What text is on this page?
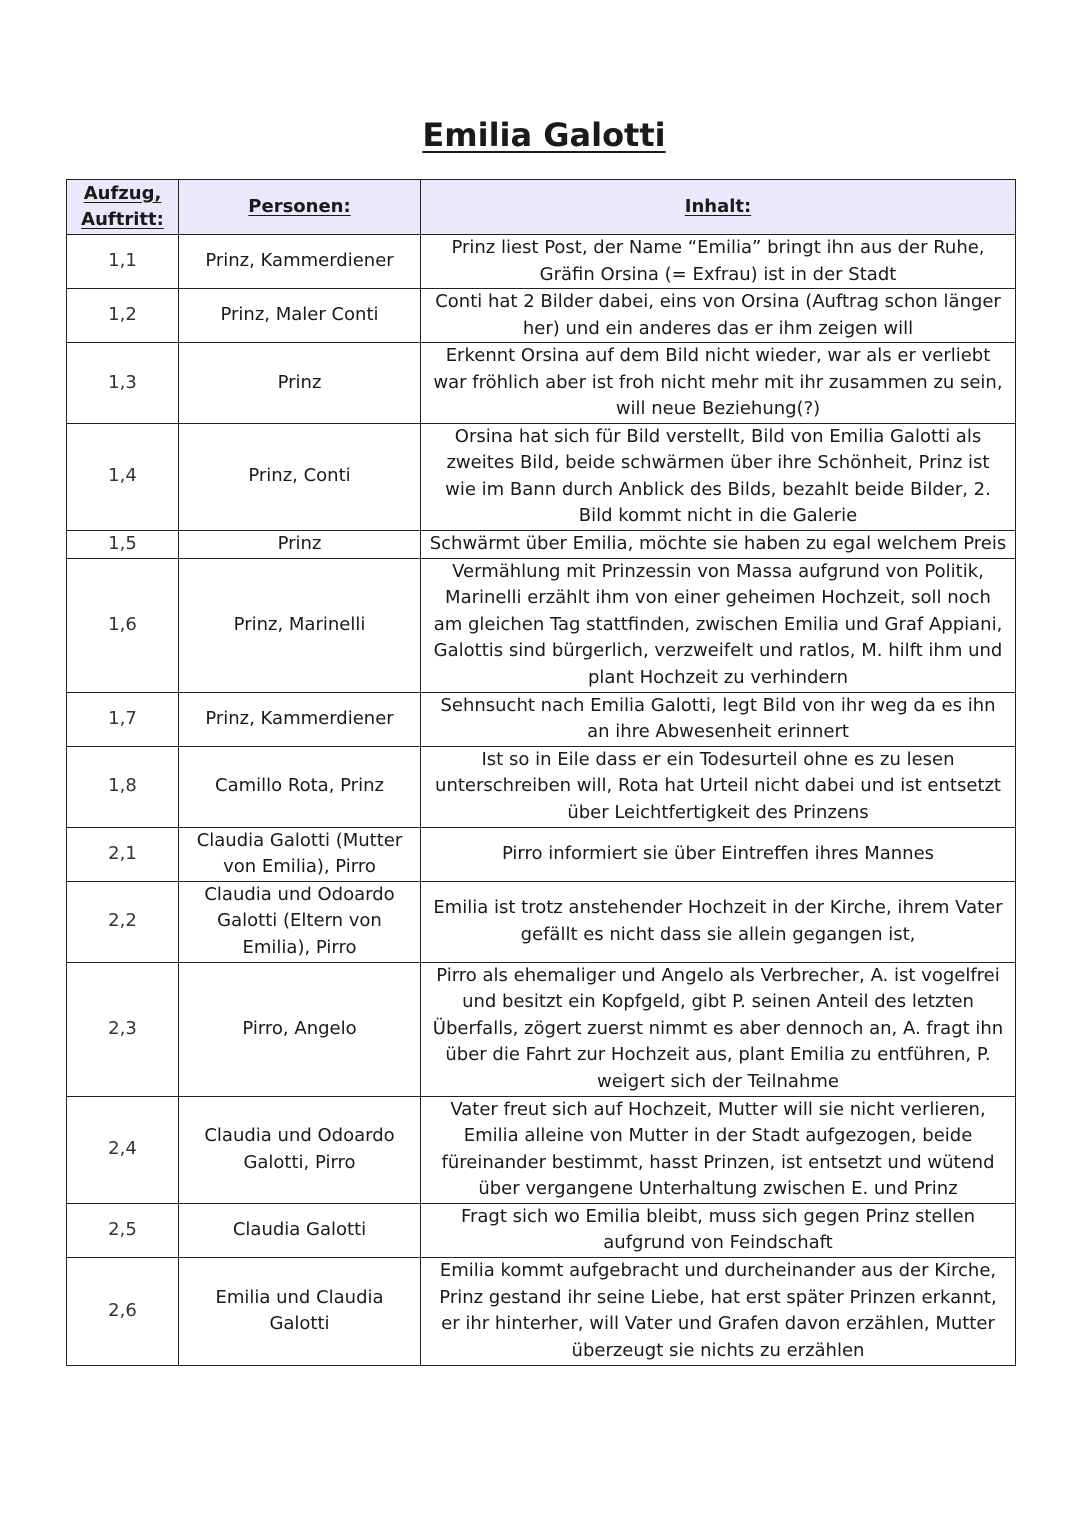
Emilia Galotti
Aufzug, Auftritt:	Personen:	Inhalt:
1,1	Prinz, Kammerdiener	Prinz liest Post, der Name “Emilia” bringt ihn aus der Ruhe, Gräfin Orsina (= Exfrau) ist in der Stadt
1,2	Prinz, Maler Conti	Conti hat 2 Bilder dabei, eins von Orsina (Auftrag schon länger her) und ein anderes das er ihm zeigen will
1,3	Prinz	Erkennt Orsina auf dem Bild nicht wieder, war als er verliebt war fröhlich aber ist froh nicht mehr mit ihr zusammen zu sein, will neue Beziehung(?)
1,4	Prinz, Conti	Orsina hat sich für Bild verstellt, Bild von Emilia Galotti als zweites Bild, beide schwärmen über ihre Schönheit, Prinz ist wie im Bann durch Anblick des Bilds, bezahlt beide Bilder, 2. Bild kommt nicht in die Galerie
1,5	Prinz	Schwärmt über Emilia, möchte sie haben zu egal welchem Preis
1,6	Prinz, Marinelli	Vermählung mit Prinzessin von Massa aufgrund von Politik, Marinelli erzählt ihm von einer geheimen Hochzeit, soll noch am gleichen Tag stattfinden, zwischen Emilia und Graf Appiani, Galottis sind bürgerlich, verzweifelt und ratlos, M. hilft ihm und plant Hochzeit zu verhindern
1,7	Prinz, Kammerdiener	Sehnsucht nach Emilia Galotti, legt Bild von ihr weg da es ihn an ihre Abwesenheit erinnert
1,8	Camillo Rota, Prinz	Ist so in Eile dass er ein Todesurteil ohne es zu lesen unterschreiben will, Rota hat Urteil nicht dabei und ist entsetzt über Leichtfertigkeit des Prinzens
2,1	Claudia Galotti (Mutter von Emilia), Pirro	Pirro informiert sie über Eintreffen ihres Mannes
2,2	Claudia und Odoardo Galotti (Eltern von Emilia), Pirro	Emilia ist trotz anstehender Hochzeit in der Kirche, ihrem Vater gefällt es nicht dass sie allein gegangen ist,
2,3	Pirro, Angelo	Pirro als ehemaliger und Angelo als Verbrecher, A. ist vogelfrei und besitzt ein Kopfgeld, gibt P. seinen Anteil des letzten Überfalls, zögert zuerst nimmt es aber dennoch an, A. fragt ihn über die Fahrt zur Hochzeit aus, plant Emilia zu entführen, P. weigert sich der Teilnahme
2,4	Claudia und Odoardo Galotti, Pirro	Vater freut sich auf Hochzeit, Mutter will sie nicht verlieren, Emilia alleine von Mutter in der Stadt aufgezogen, beide füreinander bestimmt, hasst Prinzen, ist entsetzt und wütend über vergangene Unterhaltung zwischen E. und Prinz
2,5	Claudia Galotti	Fragt sich wo Emilia bleibt, muss sich gegen Prinz stellen aufgrund von Feindschaft
2,6	Emilia und Claudia Galotti	Emilia kommt aufgebracht und durcheinander aus der Kirche, Prinz gestand ihr seine Liebe, hat erst später Prinzen erkannt, er ihr hinterher, will Vater und Grafen davon erzählen, Mutter überzeugt sie nichts zu erzählen
